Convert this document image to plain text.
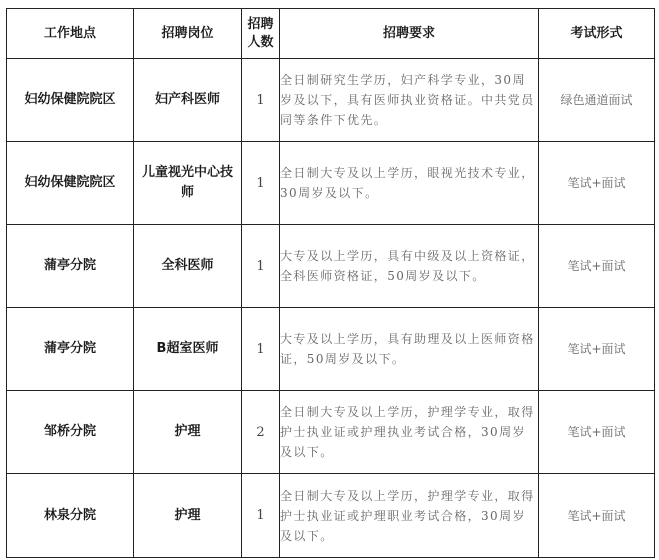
工作地点	招聘岗位	招聘人数	招聘要求	考试形式
妇幼保健院院区	妇产科医师	1	全日制研究生学历，妇产科学专业，30周岁及以下，具有医师执业资格证。中共党员同等条件下优先。	绿色通道面试
妇幼保健院院区	儿童视光中心技师	1	全日制大专及以上学历，眼视光技术专业，30周岁及以下。	笔试+面试
蒲亭分院	全科医师	1	大专及以上学历，具有中级及以上资格证，全科医师资格证，50周岁及以下。	笔试+面试
蒲亭分院	B超室医师	1	大专及以上学历，具有助理及以上医师资格证，50周岁及以下。	笔试+面试
邹桥分院	护理	2	全日制大专及以上学历，护理学专业，取得护士执业证或护理执业考试合格，30周岁及以下。	笔试+面试
林泉分院	护理	1	全日制大专及以上学历，护理学专业，取得护士执业证或护理职业考试合格，30周岁及以下。	笔试+面试
